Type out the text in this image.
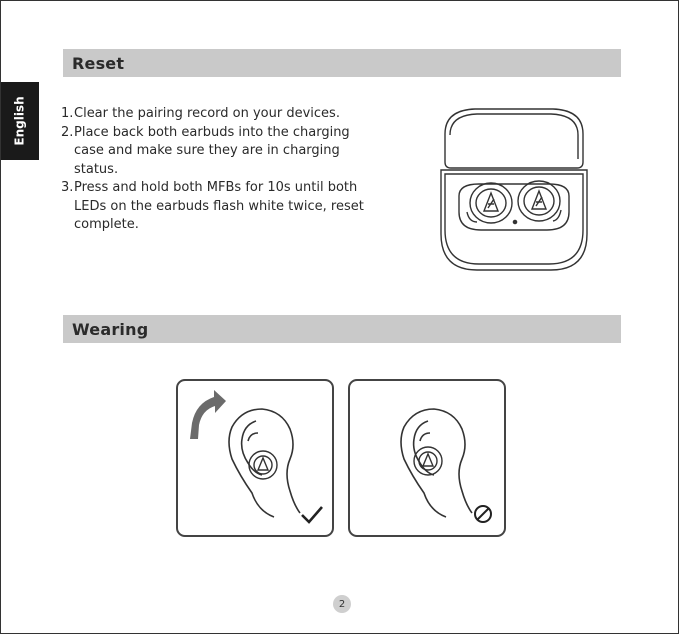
English
Reset
1. Clear the pairing record on your devices.
2. Place back both earbuds into the charging case and make sure they are in charging status.
3. Press and hold both MFBs for 10s until both LEDs on the earbuds flash white twice, reset complete.
Wearing
2
